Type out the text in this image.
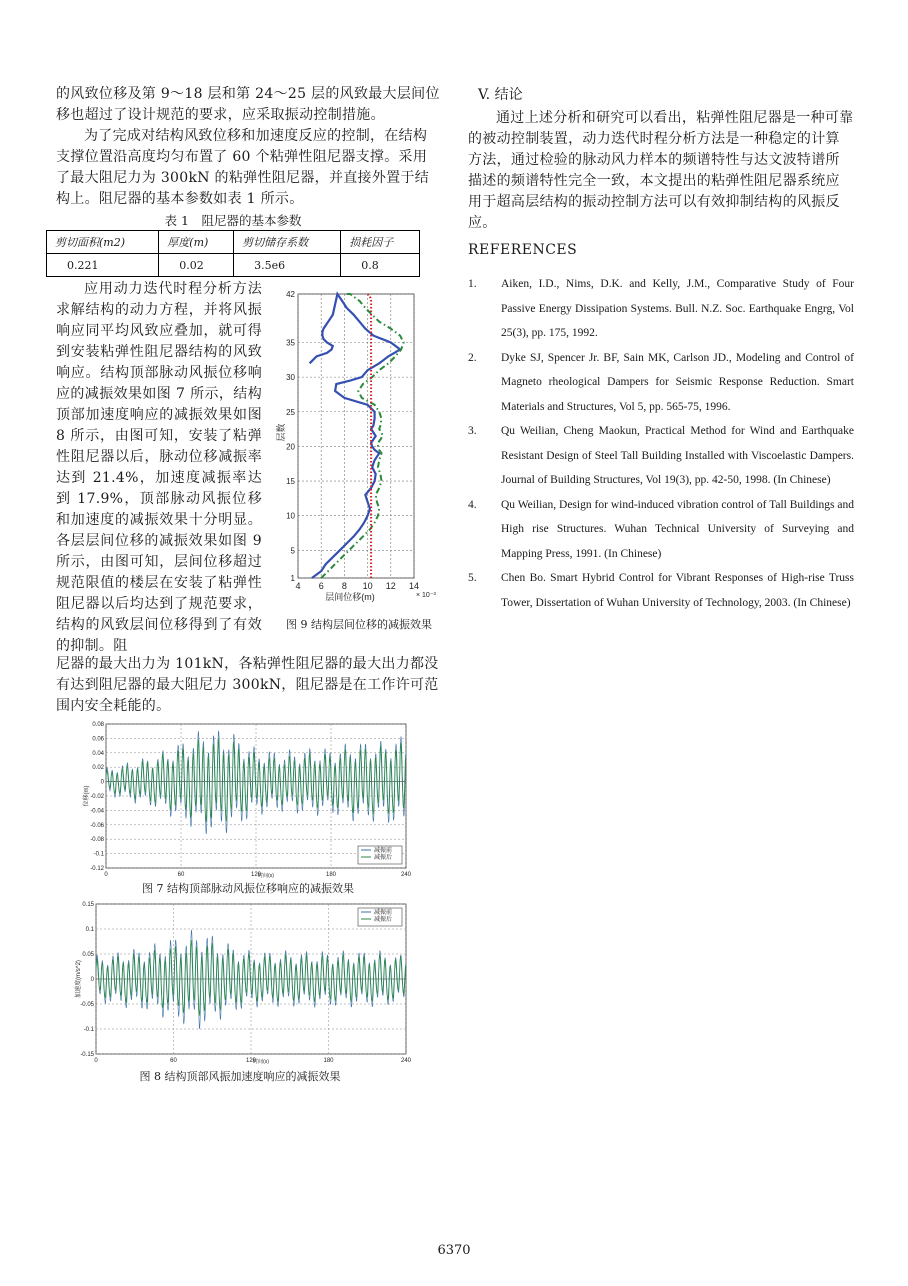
的风致位移及第 9～18 层和第 24～25 层的风致最大层间位移也超过了设计规范的要求，应采取振动控制措施。

为了完成对结构风致位移和加速度反应的控制，在结构支撑位置沿高度均匀布置了 60 个粘弹性阻尼器支撑。采用了最大阻尼力为 300kN 的粘弹性阻尼器，并直接外置于结构上。阻尼器的基本参数如表 1 所示。

表 1　阻尼器的基本参数
剪切面积(m2)	厚度(m)	剪切储存系数	损耗因子
0.221	0.02	3.5e6	0.8

应用动力迭代时程分析方法求解结构的动力方程，并将风振响应同平均风致应叠加，就可得到安装粘弹性阻尼器结构的风致响应。结构顶部脉动风振位移响应的减振效果如图 7 所示，结构顶部加速度响应的减振效果如图 8 所示，由图可知，安装了粘弹性阻尼器以后，脉动位移减振率达到 21.4%，加速度减振率达到 17.9%，顶部脉动风振位移和加速度的减振效果十分明显。各层层间位移的减振效果如图 9 所示，由图可知，层间位移超过规范限值的楼层在安装了粘弹性阻尼器以后均达到了规范要求，结构的风致层间位移得到了有效的抑制。阻

尼器的最大出力为 101kN，各粘弹性阻尼器的最大出力都没有达到阻尼器的最大阻尼力 300kN，阻尼器是在工作许可范围内安全耗能的。

4 6 8 10 12 14
1
5
10
15
20
25
30
35
42
层间位移(m)	× 10⁻³
层数
图 9 结构层间位移的减振效果
0	60	120	180	240
-0.12
-0.1
-0.08
-0.06
-0.04
-0.02
0
0.02
0.04
0.06
0.08
减振前
减振后
时间(s)
位移(m)
图 7 结构顶部脉动风振位移响应的减振效果
0	60	120	180	240
-0.15
-0.1
-0.05
0
0.05
0.1
0.15
减振前
减振后
时间(s)
加速度(m/s^2)
图 8 结构顶部风振加速度响应的减振效果
V. 结论

通过上述分析和研究可以看出，粘弹性阻尼器是一种可靠的被动控制装置，动力迭代时程分析方法是一种稳定的计算方法，通过检验的脉动风力样本的频谱特性与达文波特谱所描述的频谱特性完全一致，本文提出的粘弹性阻尼器系统应用于超高层结构的振动控制方法可以有效抑制结构的风振反应。

REFERENCES
1. Aiken, I.D., Nims, D.K. and Kelly, J.M., Comparative Study of Four Passive Energy Dissipation Systems. Bull. N.Z. Soc. Earthquake Engrg, Vol 25(3), pp. 175, 1992.
2. Dyke SJ, Spencer Jr. BF, Sain MK, Carlson JD., Modeling and Control of Magneto rheological Dampers for Seismic Response Reduction. Smart Materials and Structures, Vol 5, pp. 565-75, 1996.
3. Qu Weilian, Cheng Maokun, Practical Method for Wind and Earthquake Resistant Design of Steel Tall Building Installed with Viscoelastic Dampers. Journal of Building Structures, Vol 19(3), pp. 42-50, 1998. (In Chinese)
4. Qu Weilian, Design for wind-induced vibration control of Tall Buildings and High rise Structures. Wuhan Technical University of Surveying and Mapping Press, 1991. (In Chinese)
5. Chen Bo. Smart Hybrid Control for Vibrant Responses of High-rise Truss Tower, Dissertation of Wuhan University of Technology, 2003. (In Chinese)
6370
